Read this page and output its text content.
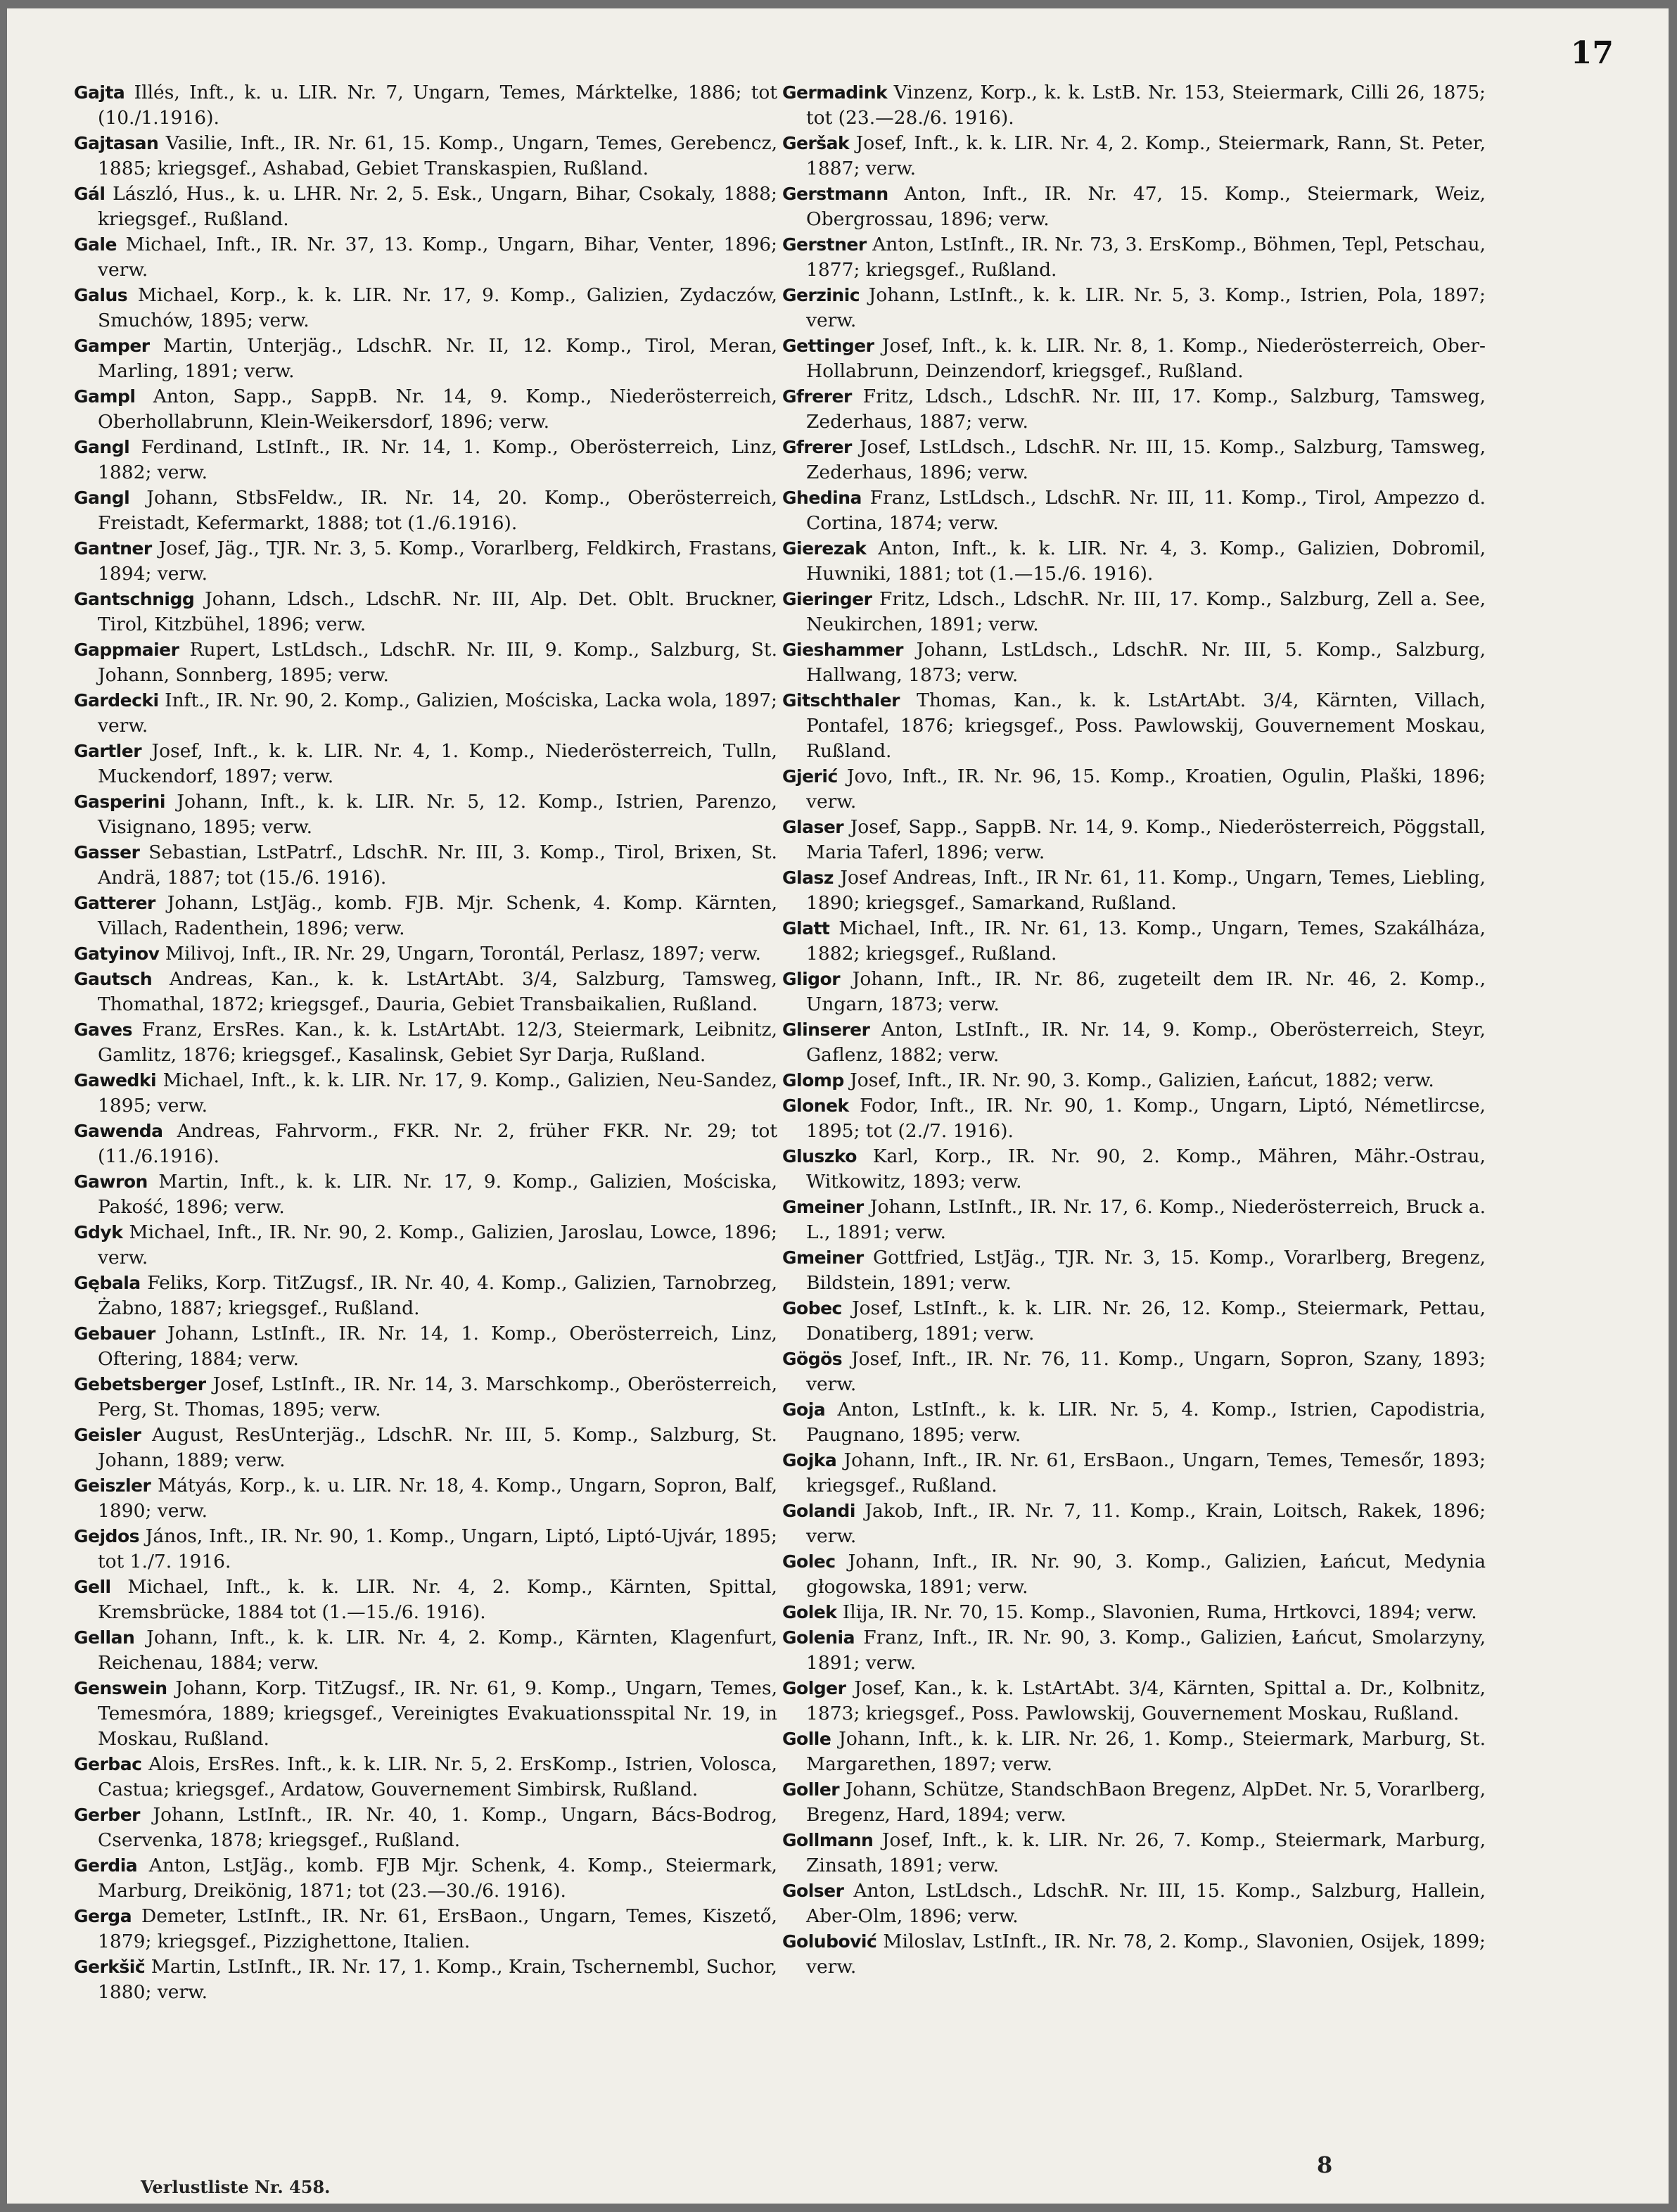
17

Gajta Illés, Inft., k. u. LIR. Nr. 7, Ungarn, Temes, Márktelke, 1886; tot (10./1.1916).

Gajtasan Vasilie, Inft., IR. Nr. 61, 15. Komp., Ungarn, Temes, Gerebencz, 1885; kriegsgef., Ashabad, Gebiet Transkaspien, Rußland.

Gál László, Hus., k. u. LHR. Nr. 2, 5. Esk., Ungarn, Bihar, Csokaly, 1888; kriegsgef., Rußland.

Gale Michael, Inft., IR. Nr. 37, 13. Komp., Ungarn, Bihar, Venter, 1896; verw.

Galus Michael, Korp., k. k. LIR. Nr. 17, 9. Komp., Galizien, Zydaczów, Smuchów, 1895; verw.

Gamper Martin, Unterjäg., LdschR. Nr. II, 12. Komp., Tirol, Meran, Marling, 1891; verw.

Gampl Anton, Sapp., SappB. Nr. 14, 9. Komp., Niederösterreich, Oberhollabrunn, Klein-Weikersdorf, 1896; verw.

Gangl Ferdinand, LstInft., IR. Nr. 14, 1. Komp., Oberösterreich, Linz, 1882; verw.

Gangl Johann, StbsFeldw., IR. Nr. 14, 20. Komp., Oberösterreich, Freistadt, Kefermarkt, 1888; tot (1./6.1916).

Gantner Josef, Jäg., TJR. Nr. 3, 5. Komp., Vorarlberg, Feldkirch, Frastans, 1894; verw.

Gantschnigg Johann, Ldsch., LdschR. Nr. III, Alp. Det. Oblt. Bruckner, Tirol, Kitzbühel, 1896; verw.

Gappmaier Rupert, LstLdsch., LdschR. Nr. III, 9. Komp., Salzburg, St. Johann, Sonnberg, 1895; verw.

Gardecki Inft., IR. Nr. 90, 2. Komp., Galizien, Mościska, Lacka wola, 1897; verw.

Gartler Josef, Inft., k. k. LIR. Nr. 4, 1. Komp., Niederösterreich, Tulln, Muckendorf, 1897; verw.

Gasperini Johann, Inft., k. k. LIR. Nr. 5, 12. Komp., Istrien, Parenzo, Visignano, 1895; verw.

Gasser Sebastian, LstPatrf., LdschR. Nr. III, 3. Komp., Tirol, Brixen, St. Andrä, 1887; tot (15./6. 1916).

Gatterer Johann, LstJäg., komb. FJB. Mjr. Schenk, 4. Komp. Kärnten, Villach, Radenthein, 1896; verw.

Gatyinov Milivoj, Inft., IR. Nr. 29, Ungarn, Torontál, Perlasz, 1897; verw.

Gautsch Andreas, Kan., k. k. LstArtAbt. 3/4, Salzburg, Tamsweg, Thomathal, 1872; kriegsgef., Dauria, Gebiet Transbaikalien, Rußland.

Gaves Franz, ErsRes. Kan., k. k. LstArtAbt. 12/3, Steiermark, Leibnitz, Gamlitz, 1876; kriegsgef., Kasalinsk, Gebiet Syr Darja, Rußland.

Gawedki Michael, Inft., k. k. LIR. Nr. 17, 9. Komp., Galizien, Neu-Sandez, 1895; verw.

Gawenda Andreas, Fahrvorm., FKR. Nr. 2, früher FKR. Nr. 29; tot (11./6.1916).

Gawron Martin, Inft., k. k. LIR. Nr. 17, 9. Komp., Galizien, Mościska, Pakość, 1896; verw.

Gdyk Michael, Inft., IR. Nr. 90, 2. Komp., Galizien, Jaroslau, Lowce, 1896; verw.

Gębala Feliks, Korp. TitZugsf., IR. Nr. 40, 4. Komp., Galizien, Tarnobrzeg, Żabno, 1887; kriegsgef., Rußland.

Gebauer Johann, LstInft., IR. Nr. 14, 1. Komp., Oberösterreich, Linz, Oftering, 1884; verw.

Gebetsberger Josef, LstInft., IR. Nr. 14, 3. Marschkomp., Oberösterreich, Perg, St. Thomas, 1895; verw.

Geisler August, ResUnterjäg., LdschR. Nr. III, 5. Komp., Salzburg, St. Johann, 1889; verw.

Geiszler Mátyás, Korp., k. u. LIR. Nr. 18, 4. Komp., Ungarn, Sopron, Balf, 1890; verw.

Gejdos János, Inft., IR. Nr. 90, 1. Komp., Ungarn, Liptó, Liptó-Ujvár, 1895; tot 1./7. 1916.

Gell Michael, Inft., k. k. LIR. Nr. 4, 2. Komp., Kärnten, Spittal, Kremsbrücke, 1884 tot (1.—15./6. 1916).

Gellan Johann, Inft., k. k. LIR. Nr. 4, 2. Komp., Kärnten, Klagenfurt, Reichenau, 1884; verw.

Genswein Johann, Korp. TitZugsf., IR. Nr. 61, 9. Komp., Ungarn, Temes, Temesmóra, 1889; kriegsgef., Vereinigtes Evakuationsspital Nr. 19, in Moskau, Rußland.

Gerbac Alois, ErsRes. Inft., k. k. LIR. Nr. 5, 2. ErsKomp., Istrien, Volosca, Castua; kriegsgef., Ardatow, Gouvernement Simbirsk, Rußland.

Gerber Johann, LstInft., IR. Nr. 40, 1. Komp., Ungarn, Bács-Bodrog, Cservenka, 1878; kriegsgef., Rußland.

Gerdia Anton, LstJäg., komb. FJB Mjr. Schenk, 4. Komp., Steiermark, Marburg, Dreikönig, 1871; tot (23.—30./6. 1916).

Gerga Demeter, LstInft., IR. Nr. 61, ErsBaon., Ungarn, Temes, Kiszető, 1879; kriegsgef., Pizzighettone, Italien.

Gerkšič Martin, LstInft., IR. Nr. 17, 1. Komp., Krain, Tschernembl, Suchor, 1880; verw.

Germadink Vinzenz, Korp., k. k. LstB. Nr. 153, Steiermark, Cilli 26, 1875; tot (23.—28./6. 1916).

Geršak Josef, Inft., k. k. LIR. Nr. 4, 2. Komp., Steiermark, Rann, St. Peter, 1887; verw.

Gerstmann Anton, Inft., IR. Nr. 47, 15. Komp., Steiermark, Weiz, Obergrossau, 1896; verw.

Gerstner Anton, LstInft., IR. Nr. 73, 3. ErsKomp., Böhmen, Tepl, Petschau, 1877; kriegsgef., Rußland.

Gerzinic Johann, LstInft., k. k. LIR. Nr. 5, 3. Komp., Istrien, Pola, 1897; verw.

Gettinger Josef, Inft., k. k. LIR. Nr. 8, 1. Komp., Niederösterreich, Ober-Hollabrunn, Deinzendorf, kriegsgef., Rußland.

Gfrerer Fritz, Ldsch., LdschR. Nr. III, 17. Komp., Salzburg, Tamsweg, Zederhaus, 1887; verw.

Gfrerer Josef, LstLdsch., LdschR. Nr. III, 15. Komp., Salzburg, Tamsweg, Zederhaus, 1896; verw.

Ghedina Franz, LstLdsch., LdschR. Nr. III, 11. Komp., Tirol, Ampezzo d. Cortina, 1874; verw.

Gierezak Anton, Inft., k. k. LIR. Nr. 4, 3. Komp., Galizien, Dobromil, Huwniki, 1881; tot (1.—15./6. 1916).

Gieringer Fritz, Ldsch., LdschR. Nr. III, 17. Komp., Salzburg, Zell a. See, Neukirchen, 1891; verw.

Gieshammer Johann, LstLdsch., LdschR. Nr. III, 5. Komp., Salzburg, Hallwang, 1873; verw.

Gitschthaler Thomas, Kan., k. k. LstArtAbt. 3/4, Kärnten, Villach, Pontafel, 1876; kriegsgef., Poss. Pawlowskij, Gouvernement Moskau, Rußland.

Gjerić Jovo, Inft., IR. Nr. 96, 15. Komp., Kroatien, Ogulin, Plaški, 1896; verw.

Glaser Josef, Sapp., SappB. Nr. 14, 9. Komp., Niederösterreich, Pöggstall, Maria Taferl, 1896; verw.

Glasz Josef Andreas, Inft., IR Nr. 61, 11. Komp., Ungarn, Temes, Liebling, 1890; kriegsgef., Samarkand, Rußland.

Glatt Michael, Inft., IR. Nr. 61, 13. Komp., Ungarn, Temes, Szakálháza, 1882; kriegsgef., Rußland.

Gligor Johann, Inft., IR. Nr. 86, zugeteilt dem IR. Nr. 46, 2. Komp., Ungarn, 1873; verw.

Glinserer Anton, LstInft., IR. Nr. 14, 9. Komp., Oberösterreich, Steyr, Gaflenz, 1882; verw.

Glomp Josef, Inft., IR. Nr. 90, 3. Komp., Galizien, Łańcut, 1882; verw.

Glonek Fodor, Inft., IR. Nr. 90, 1. Komp., Ungarn, Liptó, Németlircse, 1895; tot (2./7. 1916).

Gluszko Karl, Korp., IR. Nr. 90, 2. Komp., Mähren, Mähr.-Ostrau, Witkowitz, 1893; verw.

Gmeiner Johann, LstInft., IR. Nr. 17, 6. Komp., Niederösterreich, Bruck a. L., 1891; verw.

Gmeiner Gottfried, LstJäg., TJR. Nr. 3, 15. Komp., Vorarlberg, Bregenz, Bildstein, 1891; verw.

Gobec Josef, LstInft., k. k. LIR. Nr. 26, 12. Komp., Steiermark, Pettau, Donatiberg, 1891; verw.

Gögös Josef, Inft., IR. Nr. 76, 11. Komp., Ungarn, Sopron, Szany, 1893; verw.

Goja Anton, LstInft., k. k. LIR. Nr. 5, 4. Komp., Istrien, Capodistria, Paugnano, 1895; verw.

Gojka Johann, Inft., IR. Nr. 61, ErsBaon., Ungarn, Temes, Temesőr, 1893; kriegsgef., Rußland.

Golandi Jakob, Inft., IR. Nr. 7, 11. Komp., Krain, Loitsch, Rakek, 1896; verw.

Golec Johann, Inft., IR. Nr. 90, 3. Komp., Galizien, Łańcut, Medynia głogowska, 1891; verw.

Golek Ilija, IR. Nr. 70, 15. Komp., Slavonien, Ruma, Hrtkovci, 1894; verw.

Golenia Franz, Inft., IR. Nr. 90, 3. Komp., Galizien, Łańcut, Smolarzyny, 1891; verw.

Golger Josef, Kan., k. k. LstArtAbt. 3/4, Kärnten, Spittal a. Dr., Kolbnitz, 1873; kriegsgef., Poss. Pawlowskij, Gouvernement Moskau, Rußland.

Golle Johann, Inft., k. k. LIR. Nr. 26, 1. Komp., Steiermark, Marburg, St. Margarethen, 1897; verw.

Goller Johann, Schütze, StandschBaon Bregenz, AlpDet. Nr. 5, Vorarlberg, Bregenz, Hard, 1894; verw.

Gollmann Josef, Inft., k. k. LIR. Nr. 26, 7. Komp., Steiermark, Marburg, Zinsath, 1891; verw.

Golser Anton, LstLdsch., LdschR. Nr. III, 15. Komp., Salzburg, Hallein, Aber-Olm, 1896; verw.

Golubović Miloslav, LstInft., IR. Nr. 78, 2. Komp., Slavonien, Osijek, 1899; verw.

Verlustliste Nr. 458.
8
